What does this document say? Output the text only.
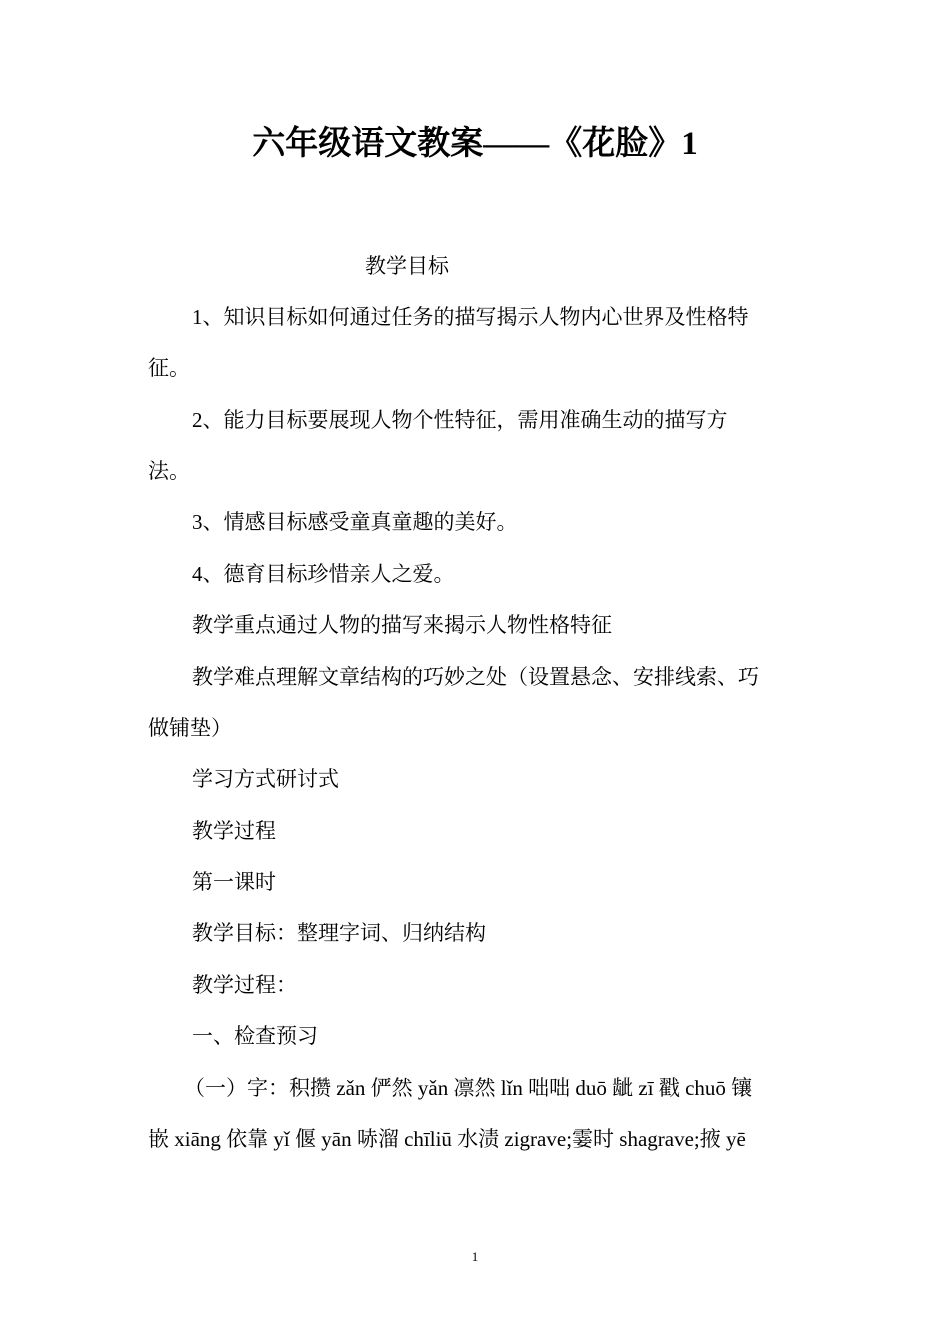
六年级语文教案——《花脸》1

教学目标

1、知识目标如何通过任务的描写揭示人物内心世界及性格特

征。

2、能力目标要展现人物个性特征，需用准确生动的描写方

法。

3、情感目标感受童真童趣的美好。

4、德育目标珍惜亲人之爱。

教学重点通过人物的描写来揭示人物性格特征

教学难点理解文章结构的巧妙之处（设置悬念、安排线索、巧

做铺垫）

学习方式研讨式

教学过程

第一课时

教学目标：整理字词、归纳结构

教学过程：

一、检查预习

（一）字：积攒 zǎn 俨然 yǎn 凛然 lǐn 咄咄 duō 龇 zī 戳 chuō 镶

嵌 xiāng 依靠 yǐ 偃 yān 哧溜 chīliū 水渍 zigrave;霎时 shagrave;掖 yē

1
